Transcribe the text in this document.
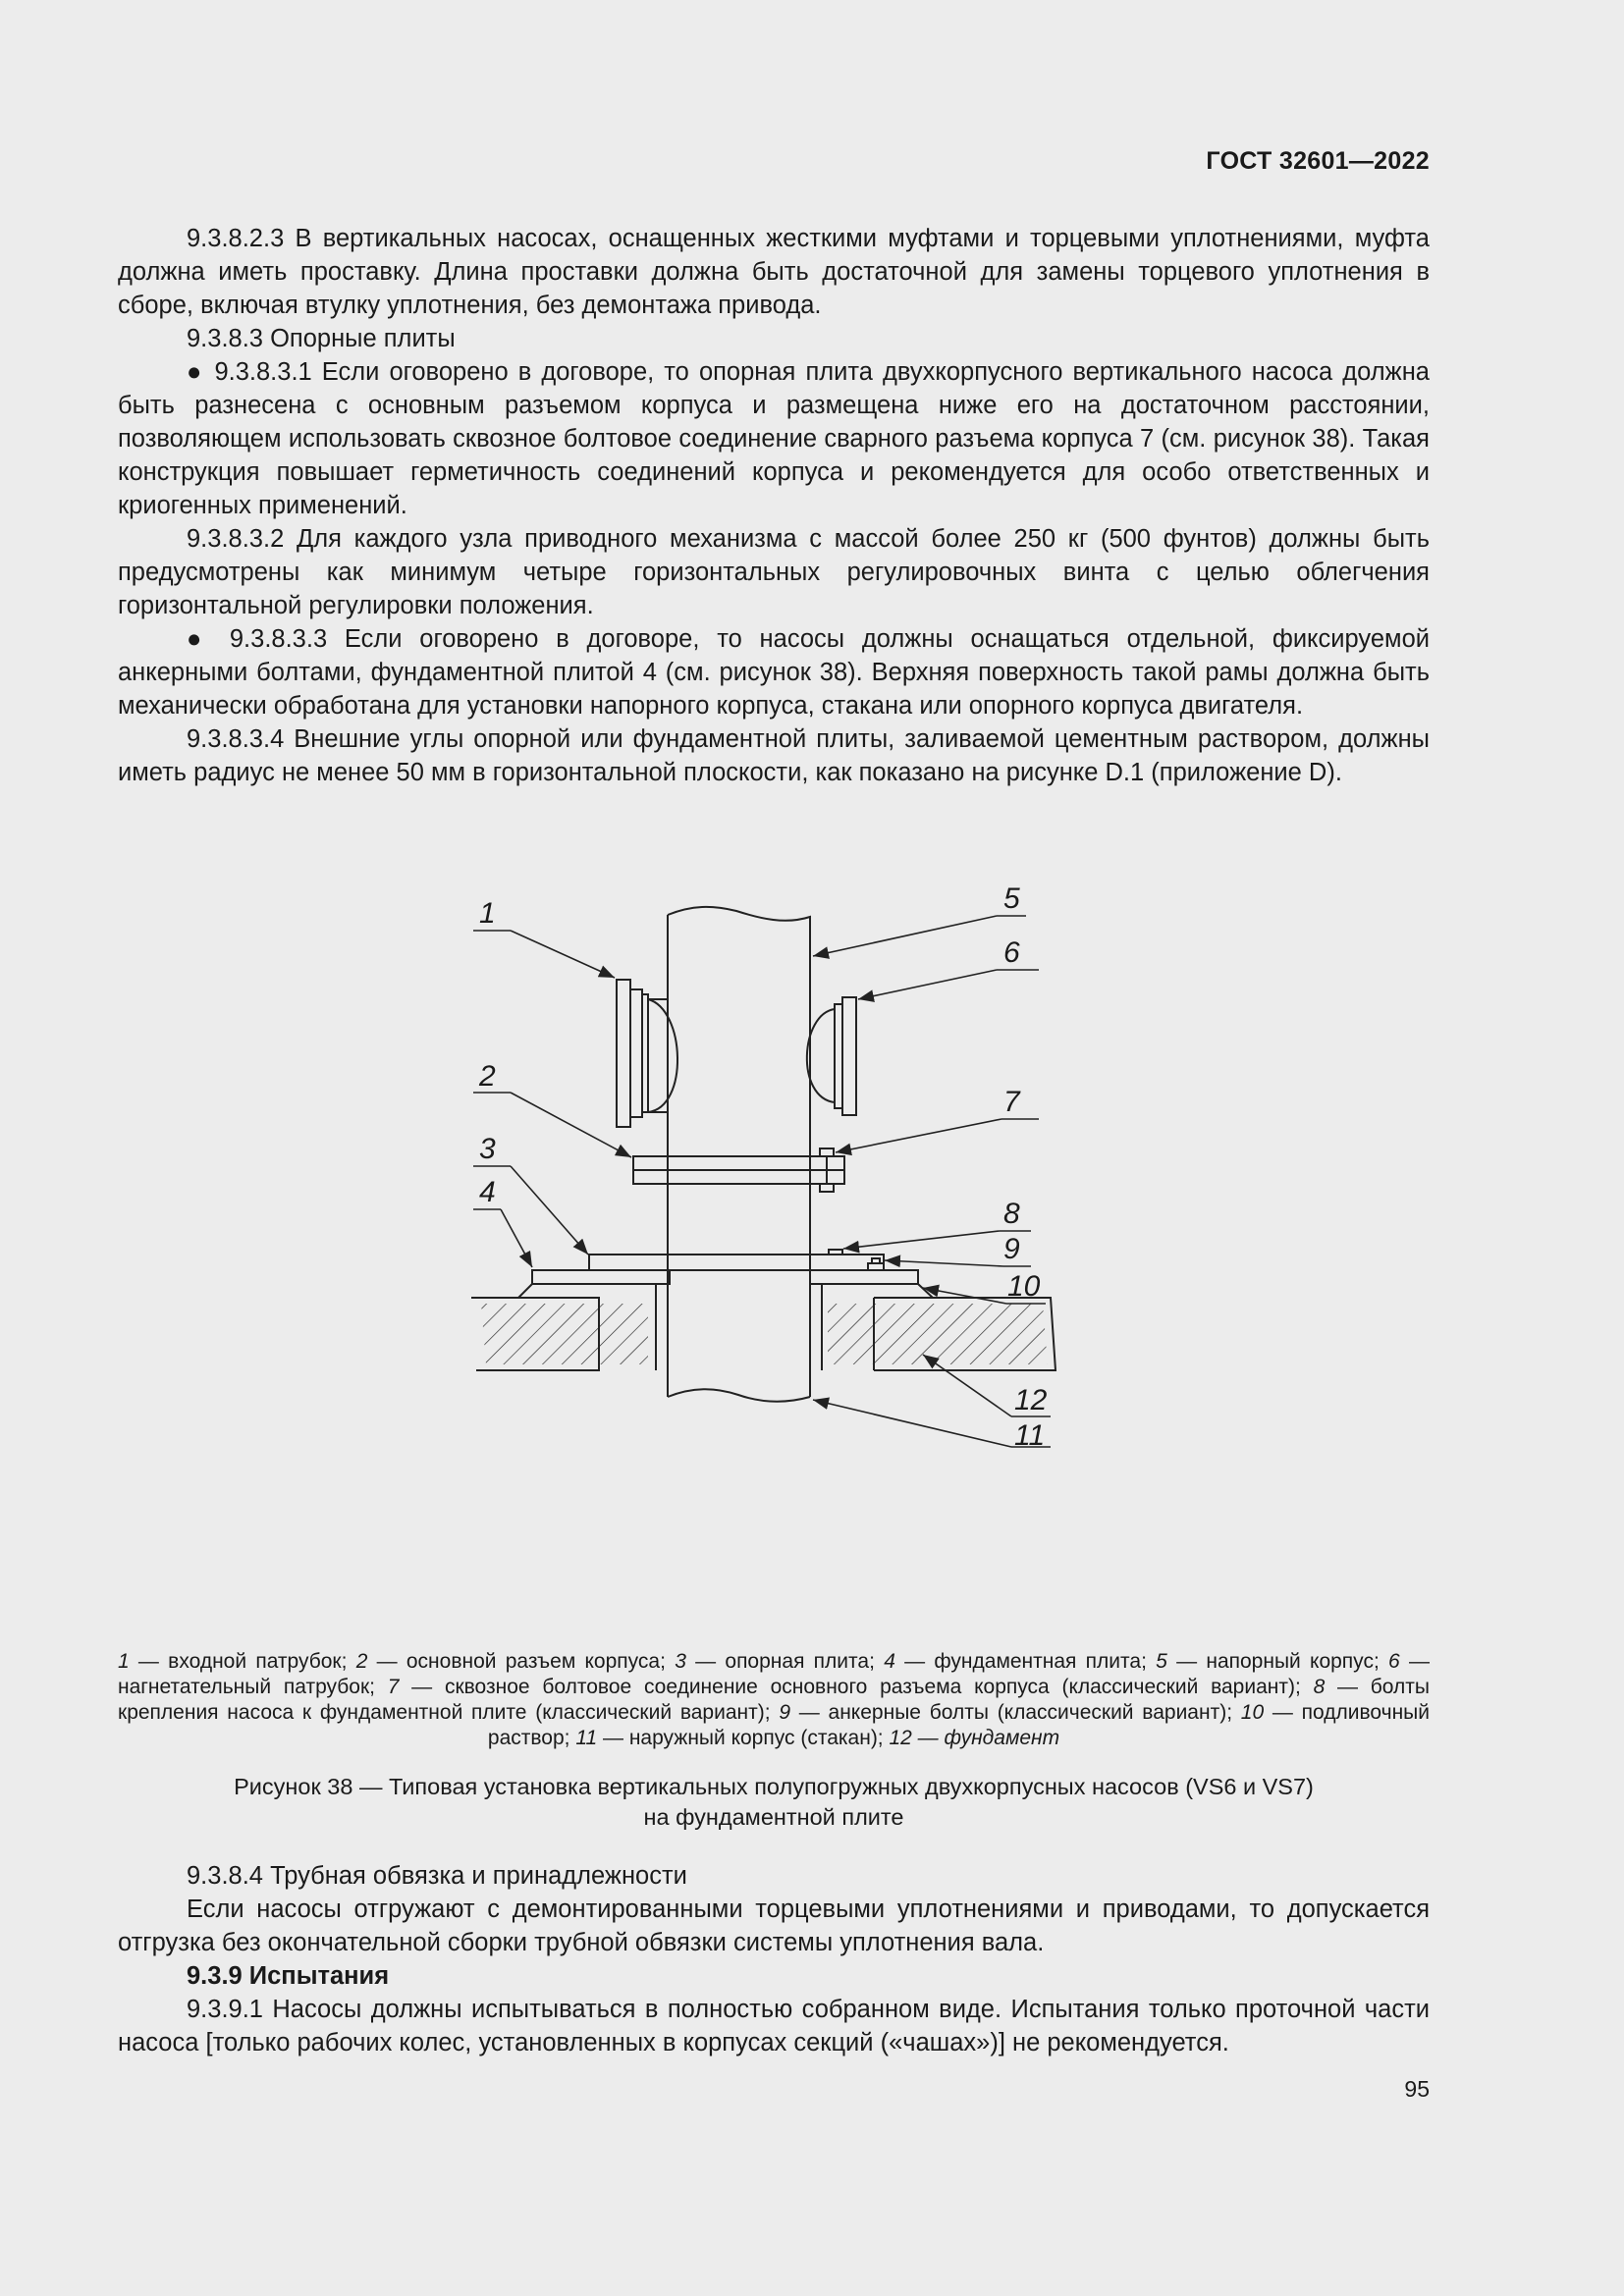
ГОСТ 32601—2022

9.3.8.2.3 В вертикальных насосах, оснащенных жесткими муфтами и торцевыми уплотнениями, муфта должна иметь проставку. Длина проставки должна быть достаточной для замены торцевого уплотнения в сборе, включая втулку уплотнения, без демонтажа привода.

9.3.8.3 Опорные плиты

● 9.3.8.3.1 Если оговорено в договоре, то опорная плита двухкорпусного вертикального насоса должна быть разнесена с основным разъемом корпуса и размещена ниже его на достаточном расстоянии, позволяющем использовать сквозное болтовое соединение сварного разъема корпуса 7 (см. рисунок 38). Такая конструкция повышает герметичность соединений корпуса и рекомендуется для особо ответственных и криогенных применений.

9.3.8.3.2 Для каждого узла приводного механизма с массой более 250 кг (500 фунтов) должны быть предусмотрены как минимум четыре горизонтальных регулировочных винта с целью облегчения горизонтальной регулировки положения.

● 9.3.8.3.3 Если оговорено в договоре, то насосы должны оснащаться отдельной, фиксируемой анкерными болтами, фундаментной плитой 4 (см. рисунок 38). Верхняя поверхность такой рамы должна быть механически обработана для установки напорного корпуса, стакана или опорного корпуса двигателя.

9.3.8.3.4 Внешние углы опорной или фундаментной плиты, заливаемой цементным раствором, должны иметь радиус не менее 50 мм в горизонтальной плоскости, как показано на рисунке D.1 (приложение D).

1
2
3
4
5
6
7
8
9
10
11
12
1 — входной патрубок; 2 — основной разъем корпуса; 3 — опорная плита; 4 — фундаментная плита; 5 — напорный корпус; 6 — нагнетательный патрубок; 7 — сквозное болтовое соединение основного разъема корпуса (классический вариант); 8 — болты крепления насоса к фундаментной плите (классический вариант); 9 — анкерные болты (классический вариант); 10 — подливочный раствор; 11 — наружный корпус (стакан); 12 — фундамент
Рисунок 38 — Типовая установка вертикальных полупогружных двухкорпусных насосов (VS6 и VS7)
на фундаментной плите

9.3.8.4 Трубная обвязка и принадлежности

Если насосы отгружают с демонтированными торцевыми уплотнениями и приводами, то допускается отгрузка без окончательной сборки трубной обвязки системы уплотнения вала.

9.3.9 Испытания

9.3.9.1 Насосы должны испытываться в полностью собранном виде. Испытания только проточной части насоса [только рабочих колес, установленных в корпусах секций («чашах»)] не рекомендуется.

95
